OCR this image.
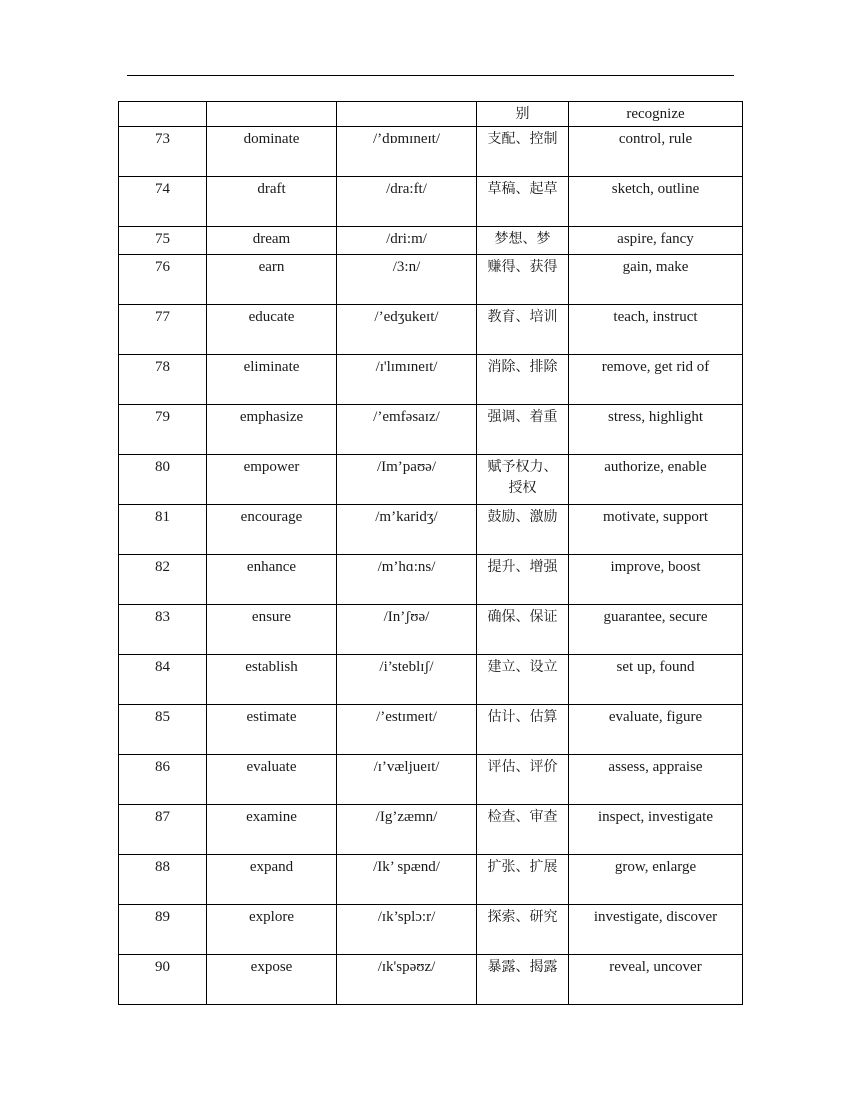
			别	recognize
73	dominate	/’dɒmɪneɪt/	支配、控制	control, rule
74	draft	/dra:ft/	草稿、起草	sketch, outline
75	dream	/dri:m/	梦想、梦	aspire, fancy
76	earn	/3:n/	赚得、获得	gain, make
77	educate	/’edʒukeɪt/	教育、培训	teach, instruct
78	eliminate	/ɪ'lɪmɪneɪt/	消除、排除	remove, get rid of
79	emphasize	/’emfəsaɪz/	强调、着重	stress, highlight
80	empower	/Im’paʊə/	赋予权力、授权	authorize, enable
81	encourage	/m’karidʒ/	鼓励、激励	motivate, support
82	enhance	/m’hɑ:ns/	提升、增强	improve, boost
83	ensure	/In’ʃʊə/	确保、保证	guarantee, secure
84	establish	/i’steblɪʃ/	建立、设立	set up, found
85	estimate	/’estɪmeɪt/	估计、估算	evaluate, figure
86	evaluate	/ɪ’væljueɪt/	评估、评价	assess, appraise
87	examine	/Ig’zæmn/	检查、审查	inspect, investigate
88	expand	/Ik’ spænd/	扩张、扩展	grow, enlarge
89	explore	/ɪk’splɔ:r/	探索、研究	investigate, discover
90	expose	/ɪk'spəʊz/	暴露、揭露	reveal, uncover
